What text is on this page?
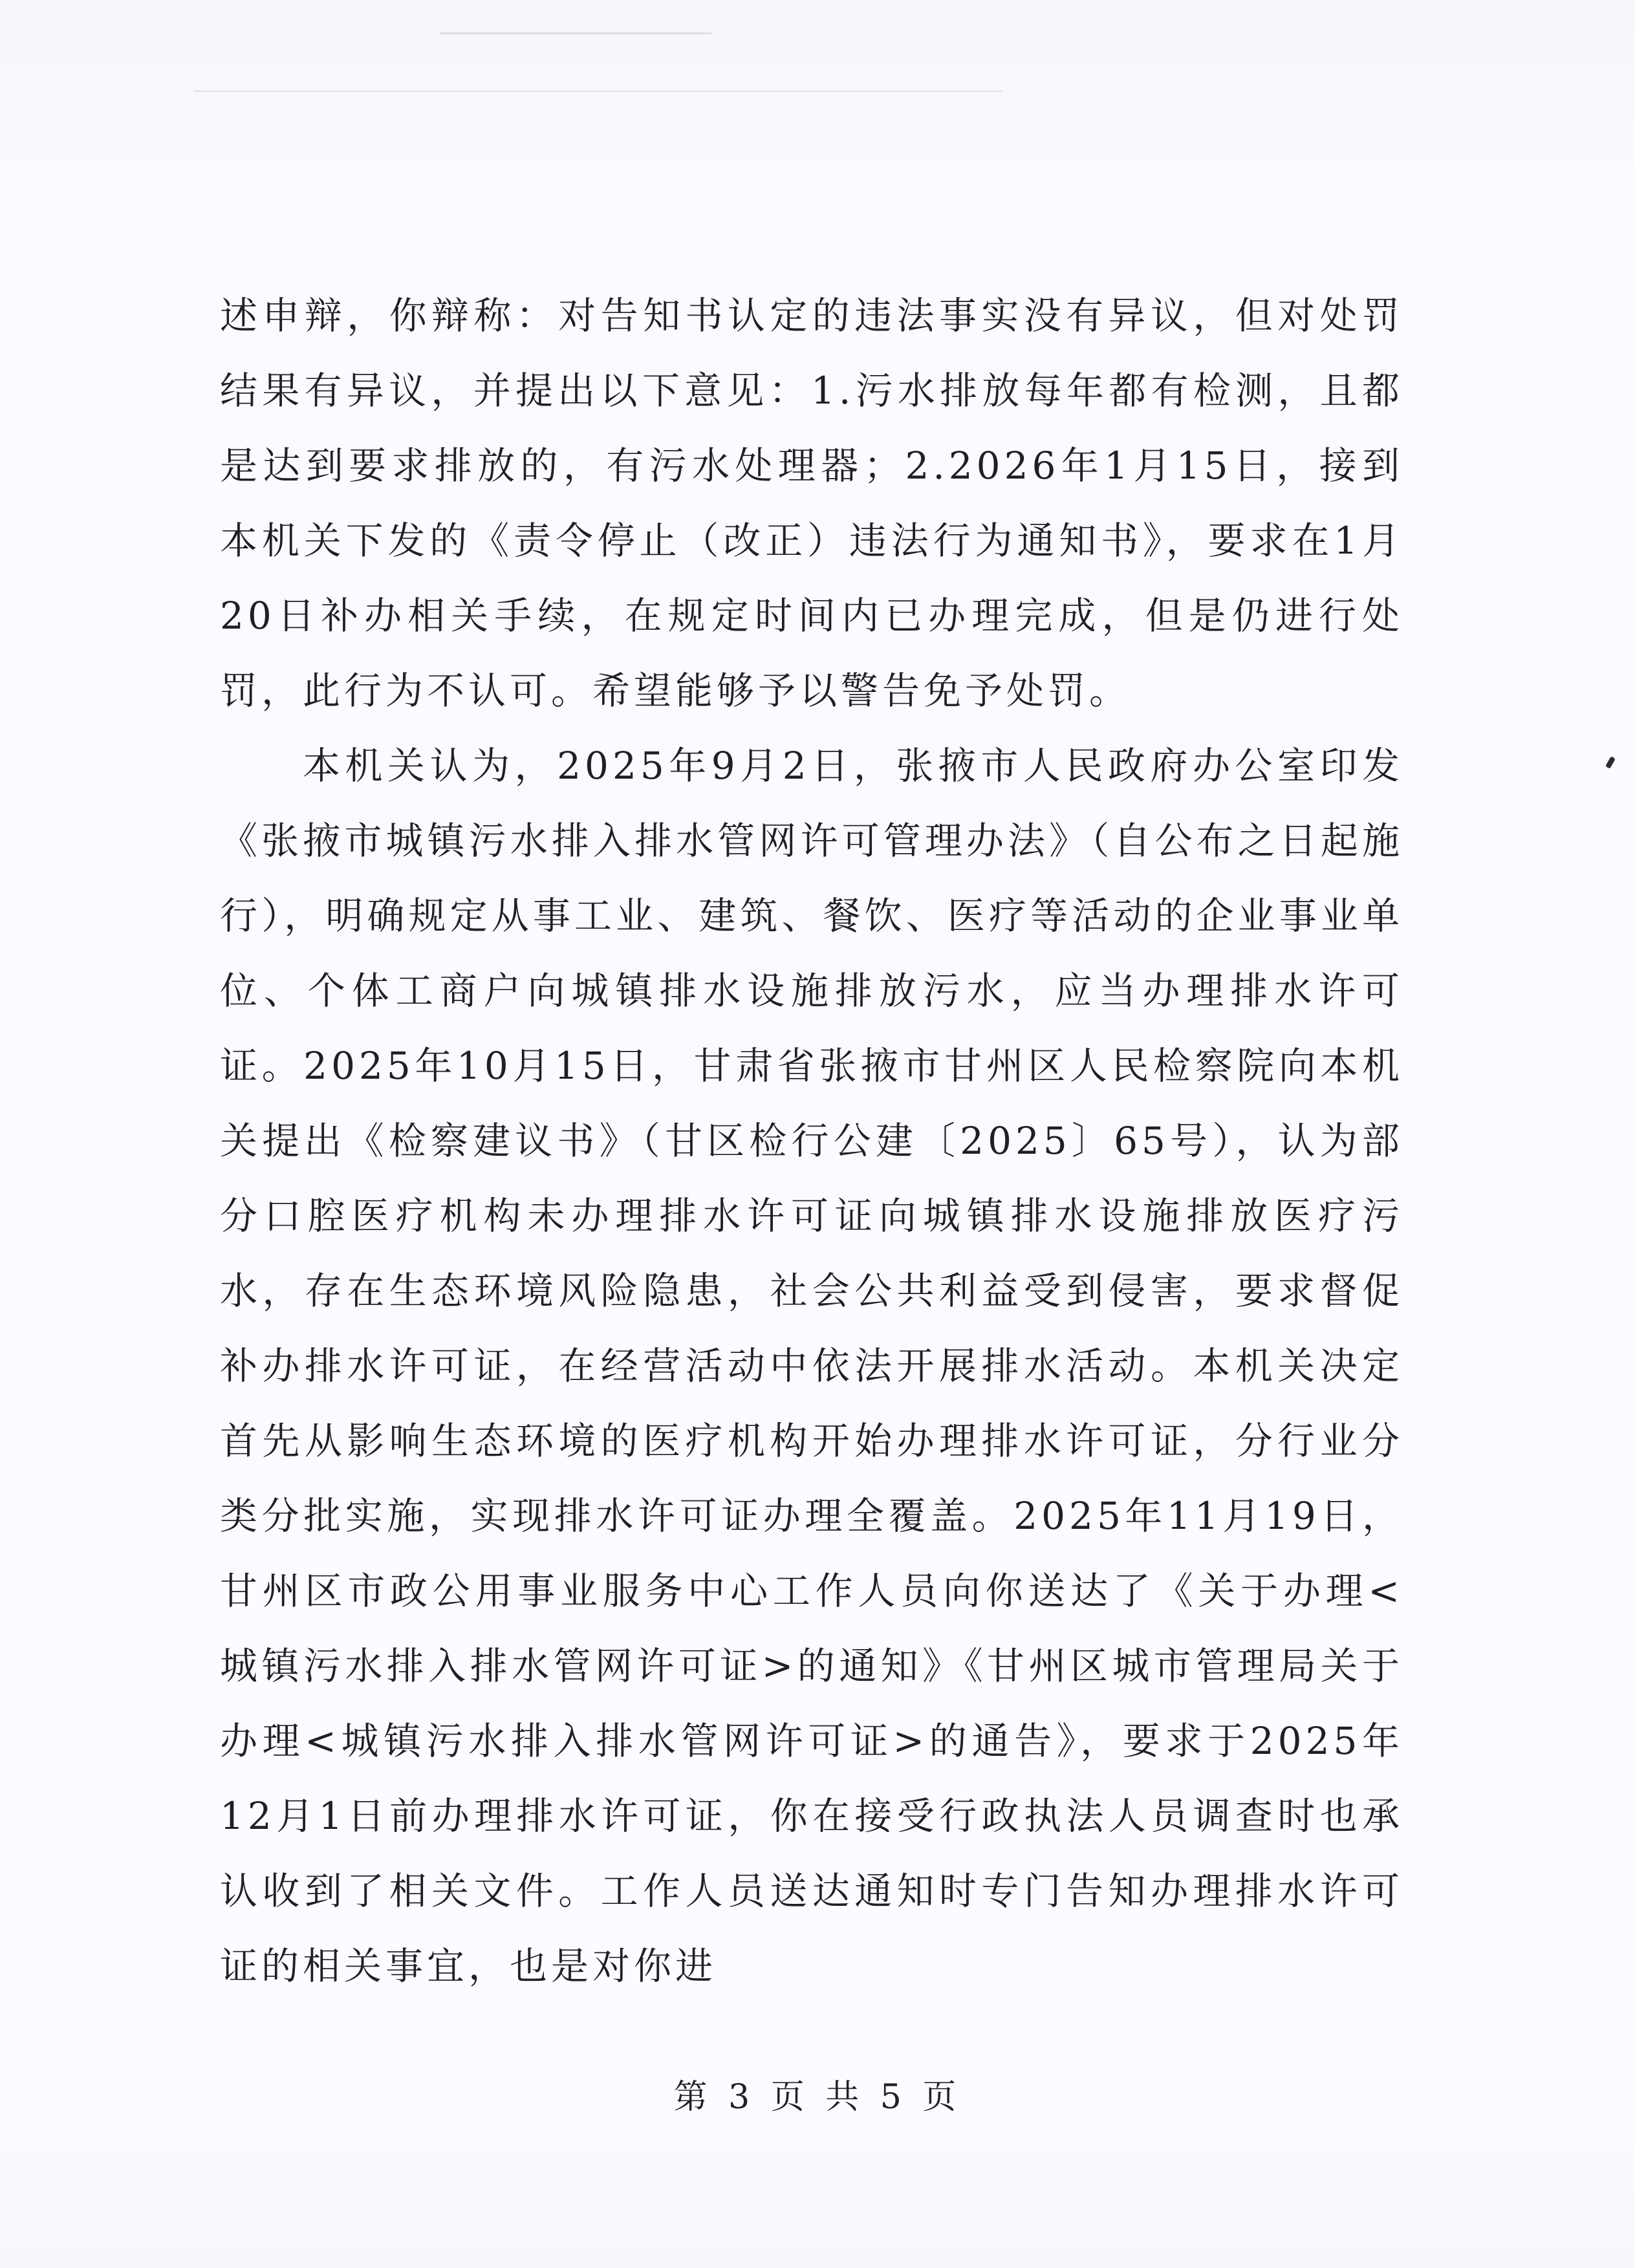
述申辩，你辩称：对告知书认定的违法事实没有异议，但对处罚结果有异议，并提出以下意见：1.污水排放每年都有检测，且都是达到要求排放的，有污水处理器；2.2026年1月15日，接到本机关下发的《责令停止（改正）违法行为通知书》，要求在1月20日补办相关手续，在规定时间内已办理完成，但是仍进行处罚，此行为不认可。希望能够予以警告免予处罚。

本机关认为，2025年9月2日，张掖市人民政府办公室印发《张掖市城镇污水排入排水管网许可管理办法》（自公布之日起施行），明确规定从事工业、建筑、餐饮、医疗等活动的企业事业单位、个体工商户向城镇排水设施排放污水，应当办理排水许可证。2025年10月15日，甘肃省张掖市甘州区人民检察院向本机关提出《检察建议书》（甘区检行公建〔2025〕65号），认为部分口腔医疗机构未办理排水许可证向城镇排水设施排放医疗污水，存在生态环境风险隐患，社会公共利益受到侵害，要求督促补办排水许可证，在经营活动中依法开展排水活动。本机关决定首先从影响生态环境的医疗机构开始办理排水许可证，分行业分类分批实施，实现排水许可证办理全覆盖。2025年11月19日，甘州区市政公用事业服务中心工作人员向你送达了《关于办理<城镇污水排入排水管网许可证>的通知》《甘州区城市管理局关于办理<城镇污水排入排水管网许可证>的通告》，要求于2025年12月1日前办理排水许可证，你在接受行政执法人员调查时也承认收到了相关文件。工作人员送达通知时专门告知办理排水许可证的相关事宜，也是对你进

第 3 页 共 5 页
